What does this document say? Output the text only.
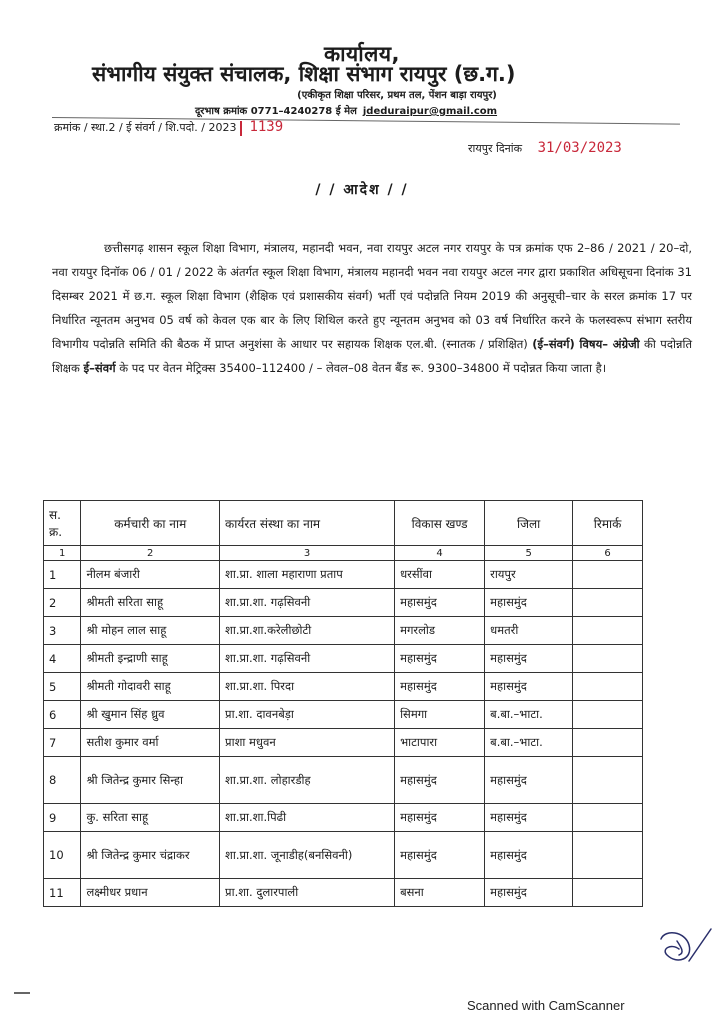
कार्यालय,
संभागीय संयुक्त संचालक, शिक्षा संभाग रायपुर (छ.ग.)
(एकीकृत शिक्षा परिसर, प्रथम तल, पेंशन बाड़ा रायपुर)
दूरभाष क्रमांक 0771–4240278 ई मेल jdeduraipur@gmail.com
क्रमांक / स्था.2 / ई संवर्ग / शि.पदो. / 2023 1139
रायपुर दिनांक 31/03/2023
/ / आदेश / /
छत्तीसगढ़ शासन स्कूल शिक्षा विभाग, मंत्रालय, महानदी भवन, नवा रायपुर अटल नगर रायपुर के पत्र क्रमांक एफ 2–86 / 2021 / 20–दो, नवा रायपुर दिनॉक 06 / 01 / 2022 के अंतर्गत स्कूल शिक्षा विभाग, मंत्रालय महानदी भवन नवा रायपुर अटल नगर द्वारा प्रकाशित अधिसूचना दिनांक 31 दिसम्बर 2021 में छ.ग. स्कूल शिक्षा विभाग (शैक्षिक एवं प्रशासकीय संवर्ग) भर्ती एवं पदोन्नति नियम 2019 की अनुसूची–चार के सरल क्रमांक 17 पर निर्धारित न्यूनतम अनुभव 05 वर्ष को केवल एक बार के लिए शिथिल करते हुए न्यूनतम अनुभव को 03 वर्ष निर्धारित करने के फलस्वरूप संभाग स्तरीय विभागीय पदोन्नति समिति की बैठक में प्राप्त अनुशंसा के आधार पर सहायक शिक्षक एल.बी. (स्नातक / प्रशिक्षित) (ई–संवर्ग) विषय– अंग्रेजी की पदोन्नति शिक्षक ई–संवर्ग के पद पर वेतन मेट्रिक्स 35400–112400 / – लेवल–08 वेतन बैंड रू. 9300–34800 में पदोन्नत किया जाता है।
स. क्र.	कर्मचारी का नाम	कार्यरत संस्था का नाम	विकास खण्ड	जिला	रिमार्क
1	2	3	4	5	6
1	नीलम बंजारी	शा.प्रा. शाला महाराणा प्रताप	धरसींवा	रायपुर	
2	श्रीमती सरिता साहू	शा.प्रा.शा. गढ़सिवनी	महासमुंद	महासमुंद	
3	श्री मोहन लाल साहू	शा.प्रा.शा.करेलीछोटी	मगरलोड	धमतरी	
4	श्रीमती इन्द्राणी साहू	शा.प्रा.शा. गढ़सिवनी	महासमुंद	महासमुंद	
5	श्रीमती गोदावरी साहू	शा.प्रा.शा. पिरदा	महासमुंद	महासमुंद	
6	श्री खुमान सिंह ध्रुव	प्रा.शा. दावनबेड़ा	सिमगा	ब.बा.–भाटा.	
7	सतीश कुमार वर्मा	प्राशा मधुवन	भाटापारा	ब.बा.–भाटा.	
8	श्री जितेन्द्र कुमार सिन्हा	शा.प्रा.शा. लोहारडीह	महासमुंद	महासमुंद	
9	कु. सरिता साहू	शा.प्रा.शा.पिढी	महासमुंद	महासमुंद	
10	श्री जितेन्द्र कुमार चंद्राकर	शा.प्रा.शा. जूनाडीह(बनसिवनी)	महासमुंद	महासमुंद	
11	लक्ष्मीधर प्रधान	प्रा.शा. दुलारपाली	बसना	महासमुंद	
Scanned with CamScanner
